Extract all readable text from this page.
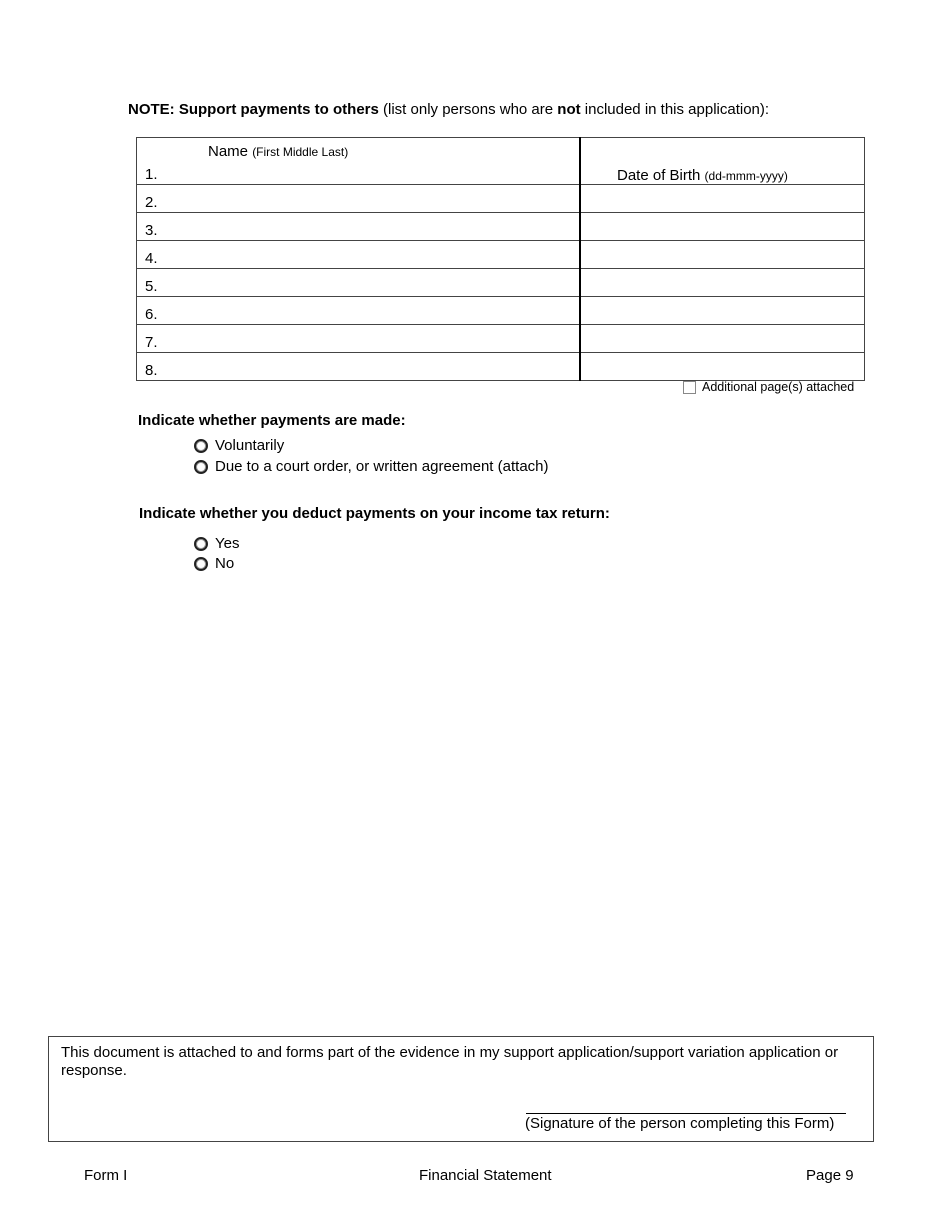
NOTE: Support payments to others (list only persons who are not included in this application):
Name (First Middle Last)
1.	Date of Birth (dd-mmm-yyyy)

2.	

3.	

4.	

5.	

6.	

7.	

8.	

Additional page(s) attached
Indicate whether payments are made:
Voluntarily
Due to a court order, or written agreement (attach)
Indicate whether you deduct payments on your income tax return:
Yes
No
This document is attached to and forms part of the evidence in my support application/support variation application or response.
(Signature of the person completing this Form)
Form I	Financial Statement	Page 9
